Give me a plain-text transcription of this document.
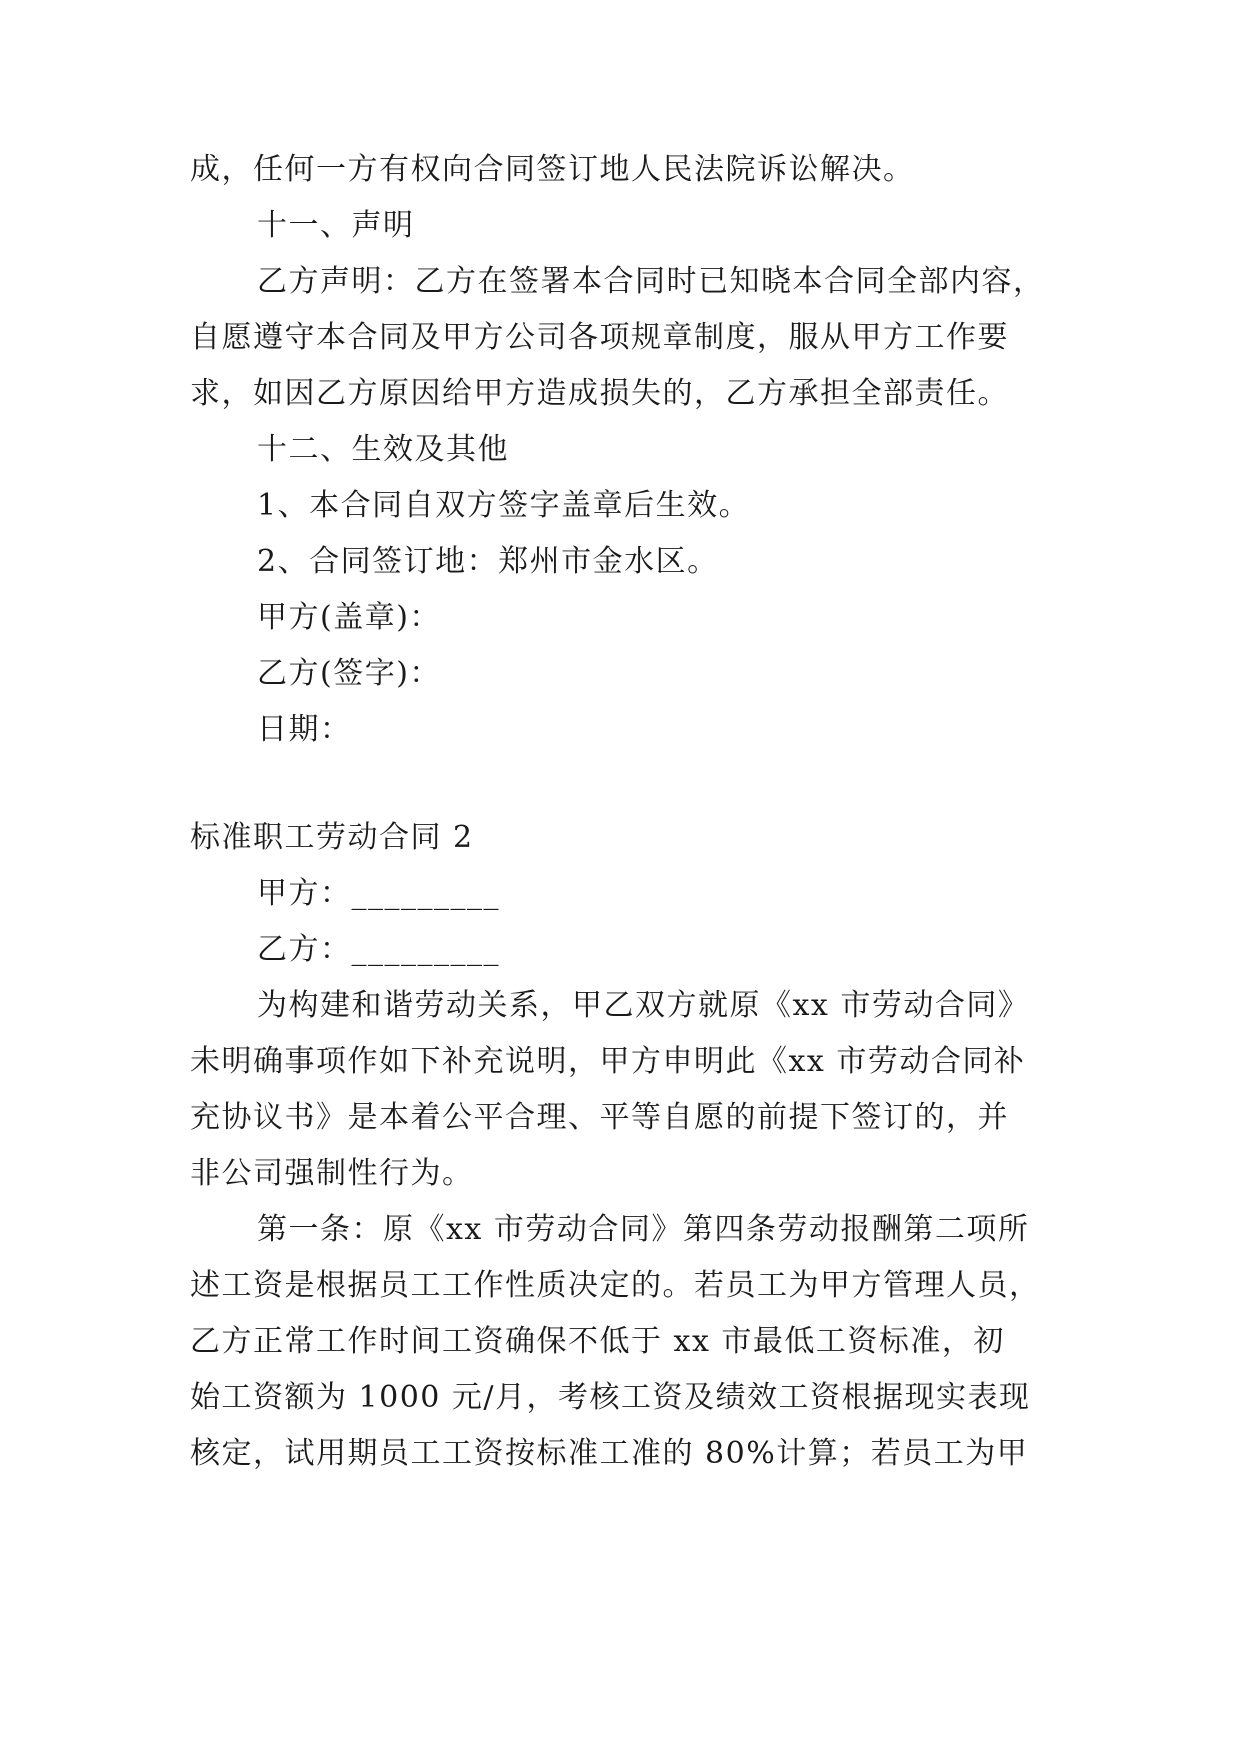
成，任何一方有权向合同签订地人民法院诉讼解决。
十一、声明
乙方声明：乙方在签署本合同时已知晓本合同全部内容，
自愿遵守本合同及甲方公司各项规章制度，服从甲方工作要
求，如因乙方原因给甲方造成损失的，乙方承担全部责任。
十二、生效及其他
1、本合同自双方签字盖章后生效。
2、合同签订地：郑州市金水区。
甲方(盖章)：
乙方(签字)：
日期：
标准职工劳动合同 2
甲方：_________
乙方：_________
为构建和谐劳动关系，甲乙双方就原《xx 市劳动合同》
未明确事项作如下补充说明，甲方申明此《xx 市劳动合同补
充协议书》是本着公平合理、平等自愿的前提下签订的，并
非公司强制性行为。
第一条：原《xx 市劳动合同》第四条劳动报酬第二项所
述工资是根据员工工作性质决定的。若员工为甲方管理人员，
乙方正常工作时间工资确保不低于 xx 市最低工资标准，初
始工资额为 1000 元/月，考核工资及绩效工资根据现实表现
核定，试用期员工工资按标准工准的 80%计算；若员工为甲
